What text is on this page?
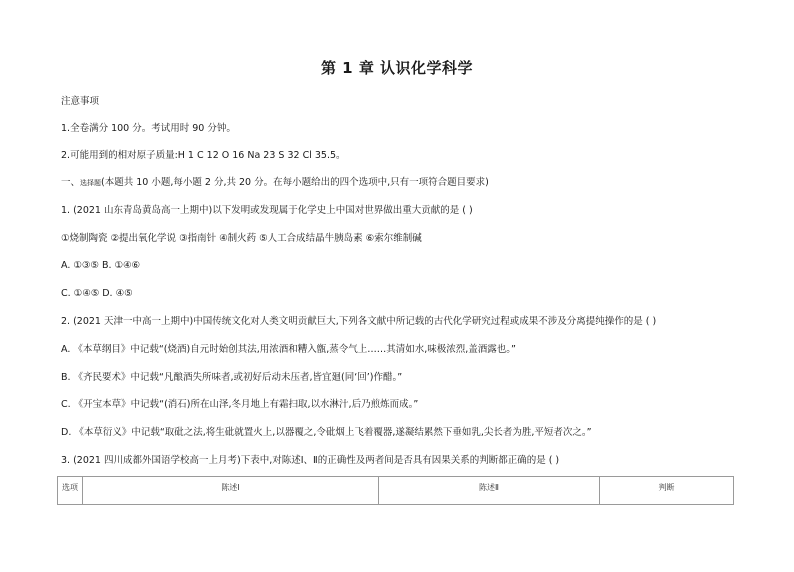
第 1 章 认识化学科学
注意事项
1.全卷满分 100 分。考试用时 90 分钟。
2.可能用到的相对原子质量:H 1 C 12 O 16 Na 23 S 32 Cl 35.5。
一、选择题(本题共 10 小题,每小题 2 分,共 20 分。在每小题给出的四个选项中,只有一项符合题目要求)
1. (2021 山东青岛黄岛高一上期中)以下发明或发现属于化学史上中国对世界做出重大贡献的是 ( )
①烧制陶瓷 ②提出氧化学说 ③指南针 ④制火药 ⑤人工合成结晶牛胰岛素 ⑥索尔维制碱
A. ①③⑤ B. ①④⑥
C. ①④⑤ D. ④⑤
2. (2021 天津一中高一上期中)中国传统文化对人类文明贡献巨大,下列各文献中所记载的古代化学研究过程或成果不涉及分离提纯操作的是 ( )
A. 《本草纲目》中记载“(烧酒)自元时始创其法,用浓酒和糟入甑,蒸令气上……其清如水,味极浓烈,盖酒露也。”
B. 《齐民要术》中记载“凡酿酒失所味者,或初好后动未压者,皆宜廻(同‘回’)作醋。”
C. 《开宝本草》中记载“(消石)所在山泽,冬月地上有霜扫取,以水淋汁,后乃煎炼而成。”
D. 《本草衍义》中记载“取砒之法,将生砒就置火上,以器覆之,令砒烟上飞着覆器,遂凝结累然下垂如乳,尖长者为胜,平短者次之。”
3. (2021 四川成都外国语学校高一上月考)下表中,对陈述Ⅰ、Ⅱ的正确性及两者间是否具有因果关系的判断都正确的是 ( )
选项	陈述Ⅰ	陈述Ⅱ	判断
